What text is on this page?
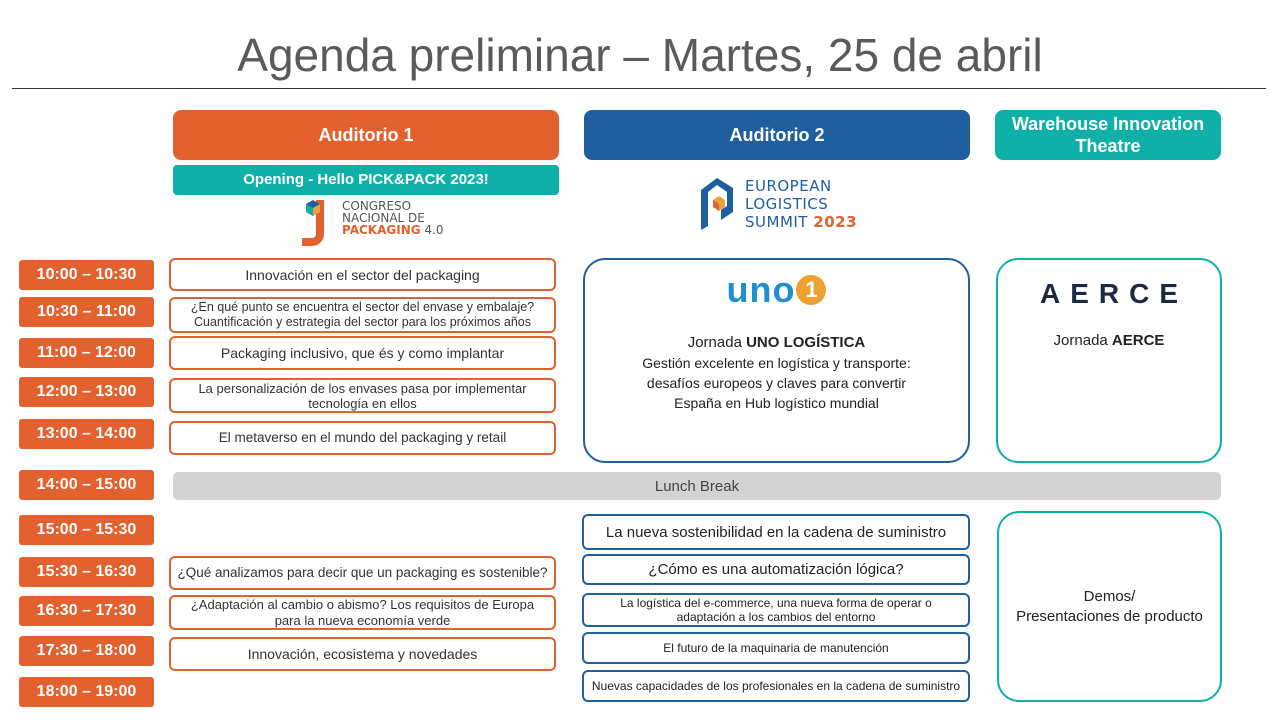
Agenda preliminar – Martes, 25 de abril
Auditorio 1	Auditorio 2
Warehouse Innovation Theatre
Opening - Hello PICK&PACK 2023!
CONGRESO
NACIONAL DE
PACKAGING 4.0
EUROPEAN
LOGISTICS
SUMMIT 2023
10:00 – 10:30
10:30 – 11:00
11:00 – 12:00
12:00 – 13:00
13:00 – 14:00
14:00 – 15:00
15:00 – 15:30
15:30 – 16:30
16:30 – 17:30
17:30 – 18:00
18:00 – 19:00
Innovación en el sector del packaging
¿En qué punto se encuentra el sector del envase y embalaje? Cuantificación y estrategia del sector para los próximos años
Packaging inclusivo, que és y como implantar
La personalización de los envases pasa por implementar tecnología en ellos
El metaverso en el mundo del packaging y retail
¿Qué analizamos para decir que un packaging es sostenible?
¿Adaptación al cambio o abismo? Los requisitos de Europa para la nueva economía verde
Innovación, ecosistema y novedades
uno 1
Jornada UNO LOGÍSTICA
Gestión excelente en logística y transporte:
desafíos europeos y claves para convertir
España en Hub logístico mundial
AERCE
Jornada AERCE
Lunch Break
La nueva sostenibilidad en la cadena de suministro
¿Cómo es una automatización lógica?
La logística del e-commerce, una nueva forma de operar o adaptación a los cambios del entorno
El futuro de la maquinaria de manutención
Nuevas capacidades de los profesionales en la cadena de suministro
Demos/
Presentaciones de producto
